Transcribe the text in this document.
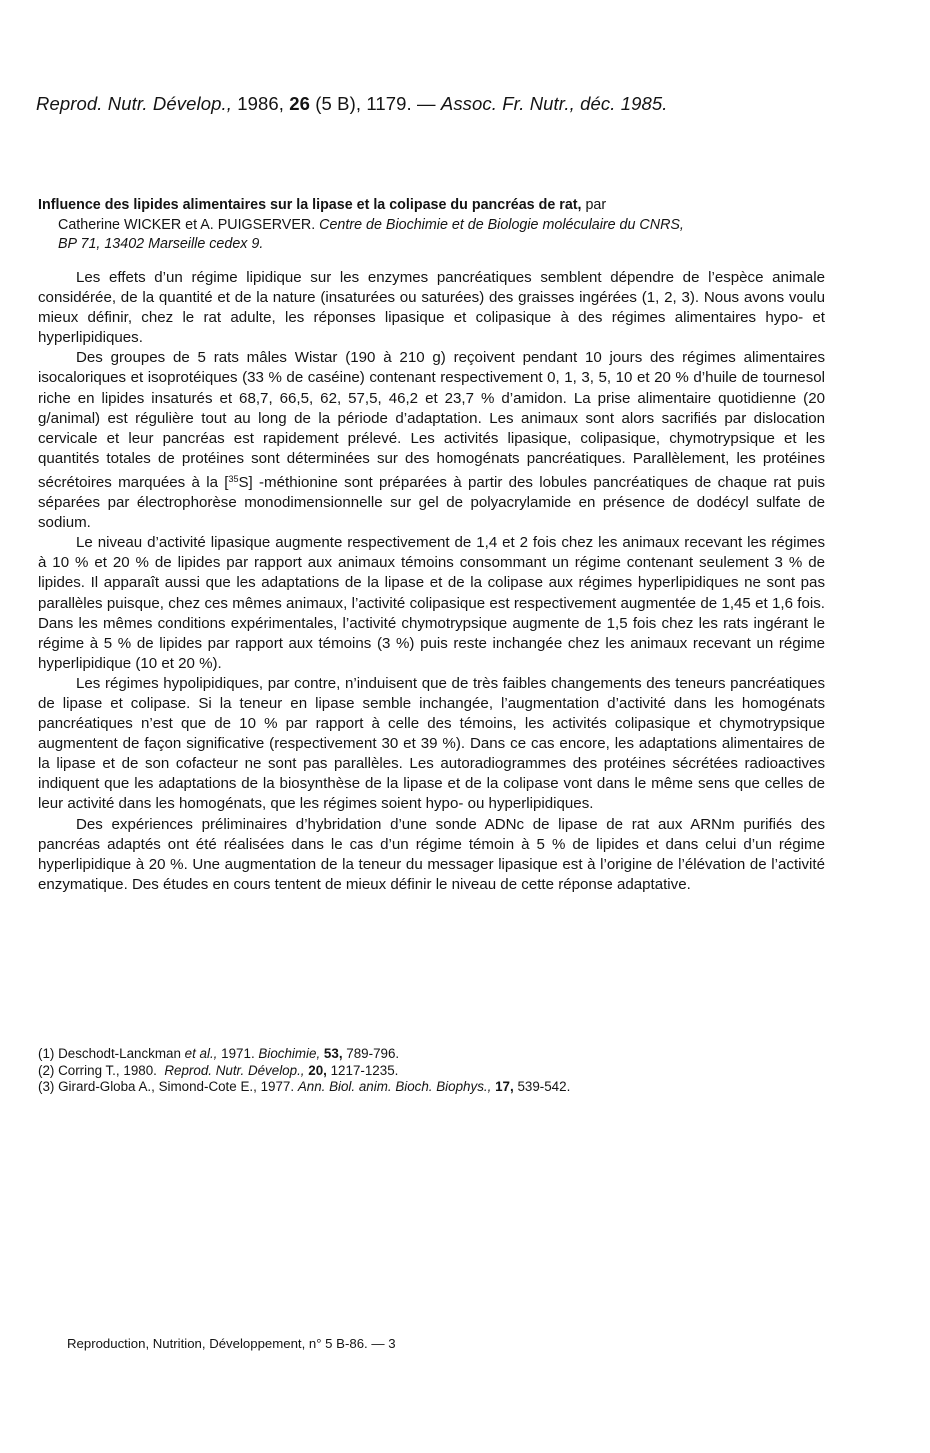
Reprod. Nutr. Dévelop., 1986, 26 (5 B), 1179. — Assoc. Fr. Nutr., déc. 1985.
Influence des lipides alimentaires sur la lipase et la colipase du pancréas de rat, par
Catherine WICKER et A. PUIGSERVER. Centre de Biochimie et de Biologie moléculaire du CNRS,
BP 71, 13402 Marseille cedex 9.

Les effets d’un régime lipidique sur les enzymes pancréatiques semblent dépendre de l’espèce animale considérée, de la quantité et de la nature (insaturées ou saturées) des graisses ingérées (1, 2, 3). Nous avons voulu mieux définir, chez le rat adulte, les réponses lipasique et colipasique à des régimes alimentaires hypo- et hyperlipidiques.

Des groupes de 5 rats mâles Wistar (190 à 210 g) reçoivent pendant 10 jours des régimes alimentaires isocaloriques et isoprotéiques (33 % de caséine) contenant respectivement 0, 1, 3, 5, 10 et 20 % d’huile de tournesol riche en lipides insaturés et 68,7, 66,5, 62, 57,5, 46,2 et 23,7 % d’amidon. La prise alimentaire quotidienne (20 g/animal) est régulière tout au long de la période d’adaptation. Les animaux sont alors sacrifiés par dislocation cervicale et leur pancréas est rapidement prélevé. Les activités lipasique, colipasique, chymotrypsique et les quantités totales de protéines sont déterminées sur des homogénats pancréatiques. Parallèlement, les protéines sécrétoires marquées à la [$^{35}$S] -méthionine sont préparées à partir des lobules pancréatiques de chaque rat puis séparées par électrophorèse monodimensionnelle sur gel de polyacrylamide en présence de dodécyl sulfate de sodium.

Le niveau d’activité lipasique augmente respectivement de 1,4 et 2 fois chez les animaux recevant les régimes à 10 % et 20 % de lipides par rapport aux animaux témoins consommant un régime contenant seulement 3 % de lipides. Il apparaît aussi que les adaptations de la lipase et de la colipase aux régimes hyperlipidiques ne sont pas parallèles puisque, chez ces mêmes animaux, l’activité colipasique est respectivement augmentée de 1,45 et 1,6 fois. Dans les mêmes conditions expérimentales, l’activité chymotrypsique augmente de 1,5 fois chez les rats ingérant le régime à 5 % de lipides par rapport aux témoins (3 %) puis reste inchangée chez les animaux recevant un régime hyperlipidique (10 et 20 %).

Les régimes hypolipidiques, par contre, n’induisent que de très faibles changements des teneurs pancréatiques de lipase et colipase. Si la teneur en lipase semble inchangée, l’augmentation d’activité dans les homogénats pancréatiques n’est que de 10 % par rapport à celle des témoins, les activités colipasique et chymotrypsique augmentent de façon significative (respectivement 30 et 39 %). Dans ce cas encore, les adaptations alimentaires de la lipase et de son cofacteur ne sont pas parallèles. Les autoradiogrammes des protéines sécrétées radioactives indiquent que les adaptations de la biosynthèse de la lipase et de la colipase vont dans le même sens que celles de leur activité dans les homogénats, que les régimes soient hypo- ou hyperlipidiques.

Des expériences préliminaires d’hybridation d’une sonde ADNc de lipase de rat aux ARNm purifiés des pancréas adaptés ont été réalisées dans le cas d’un régime témoin à 5 % de lipides et dans celui d’un régime hyperlipidique à 20 %. Une augmentation de la teneur du messager lipasique est à l’origine de l’élévation de l’activité enzymatique. Des études en cours tentent de mieux définir le niveau de cette réponse adaptative.

(1) Deschodt-Lanckman et al., 1971. Biochimie, 53, 789-796.
(2) Corring T., 1980. Reprod. Nutr. Dévelop., 20, 1217-1235.
(3) Girard-Globa A., Simond-Cote E., 1977. Ann. Biol. anim. Bioch. Biophys., 17, 539-542.
Reproduction, Nutrition, Développement, n° 5 B-86. — 3
